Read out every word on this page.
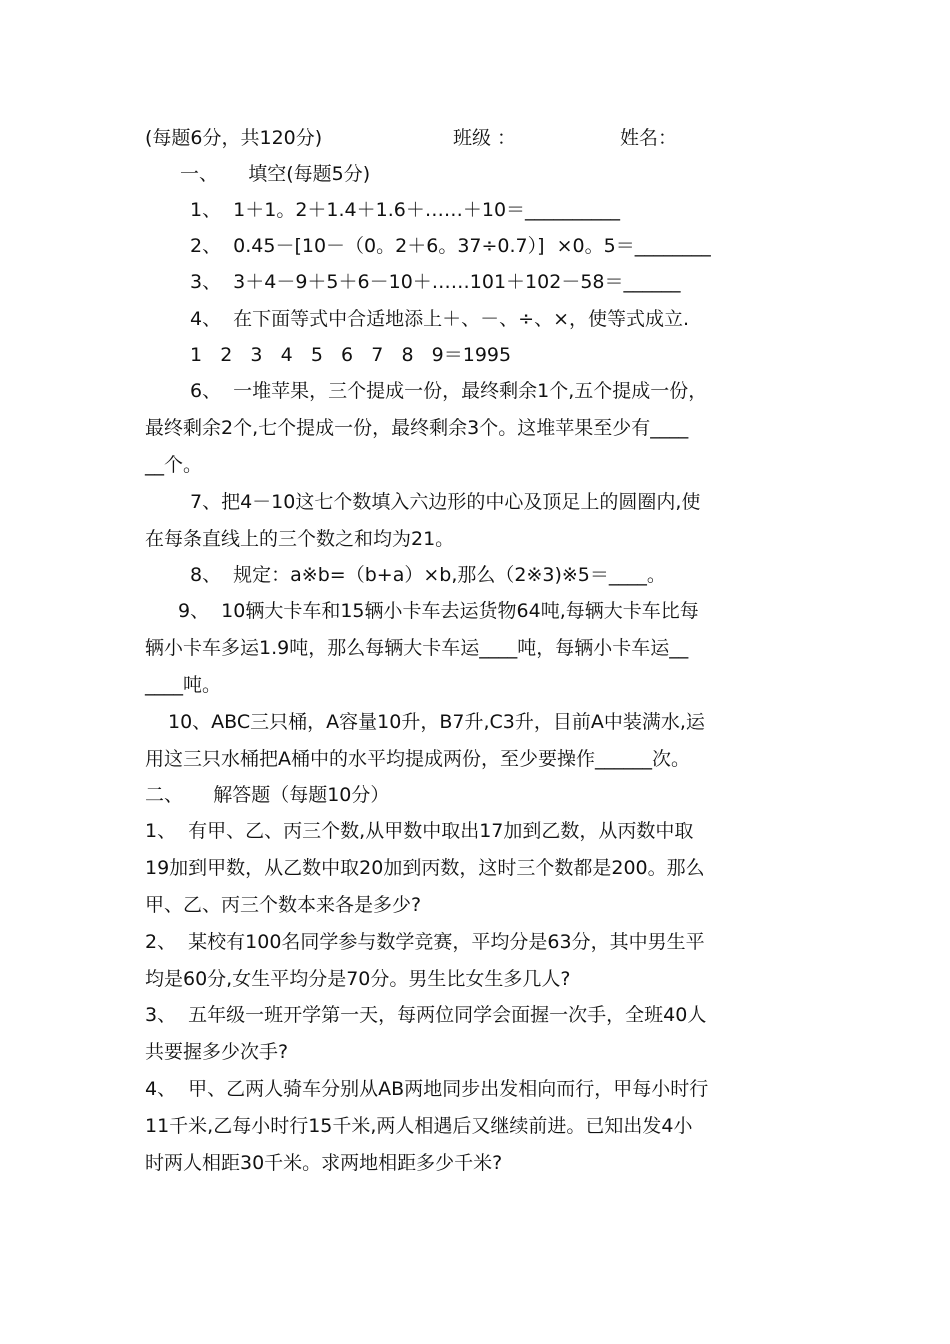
(每题6分，共120分)	班级 ：	姓名：
一、     填空(每题5分)
1、  1＋1。2＋1.4＋1.6＋……＋10＝__________
2、  0.45－[10－（0。2＋6。37÷0.7）]  ×0。5＝________
3、  3＋4－9＋5＋6－10＋……101＋102－58＝______
4、  在下面等式中合适地添上＋、－、÷、×，使等式成立.
1   2   3   4   5   6   7   8   9＝1995
6、  一堆苹果，三个提成一份，最终剩余1个,五个提成一份，
最终剩余2个,七个提成一份，最终剩余3个。这堆苹果至少有____
__个。
7、把4－10这七个数填入六边形的中心及顶足上的圆圈内,使
在每条直线上的三个数之和均为21。
8、  规定：a※b=（b+a）×b,那么（2※3)※5＝____。
9、  10辆大卡车和15辆小卡车去运货物64吨,每辆大卡车比每
辆小卡车多运1.9吨，那么每辆大卡车运____吨，每辆小卡车运__
____吨。
10、ABC三只桶，A容量10升，B7升,C3升，目前A中装满水,运
用这三只水桶把A桶中的水平均提成两份，至少要操作______次。
二、     解答题（每题10分）
1、  有甲、乙、丙三个数,从甲数中取出17加到乙数，从丙数中取
19加到甲数，从乙数中取20加到丙数，这时三个数都是200。那么
甲、乙、丙三个数本来各是多少?
2、  某校有100名同学参与数学竞赛，平均分是63分，其中男生平
均是60分,女生平均分是70分。男生比女生多几人?
3、  五年级一班开学第一天，每两位同学会面握一次手，全班40人
共要握多少次手?
4、  甲、乙两人骑车分别从AB两地同步出发相向而行，甲每小时行
11千米,乙每小时行15千米,两人相遇后又继续前进。已知出发4小
时两人相距30千米。求两地相距多少千米?
